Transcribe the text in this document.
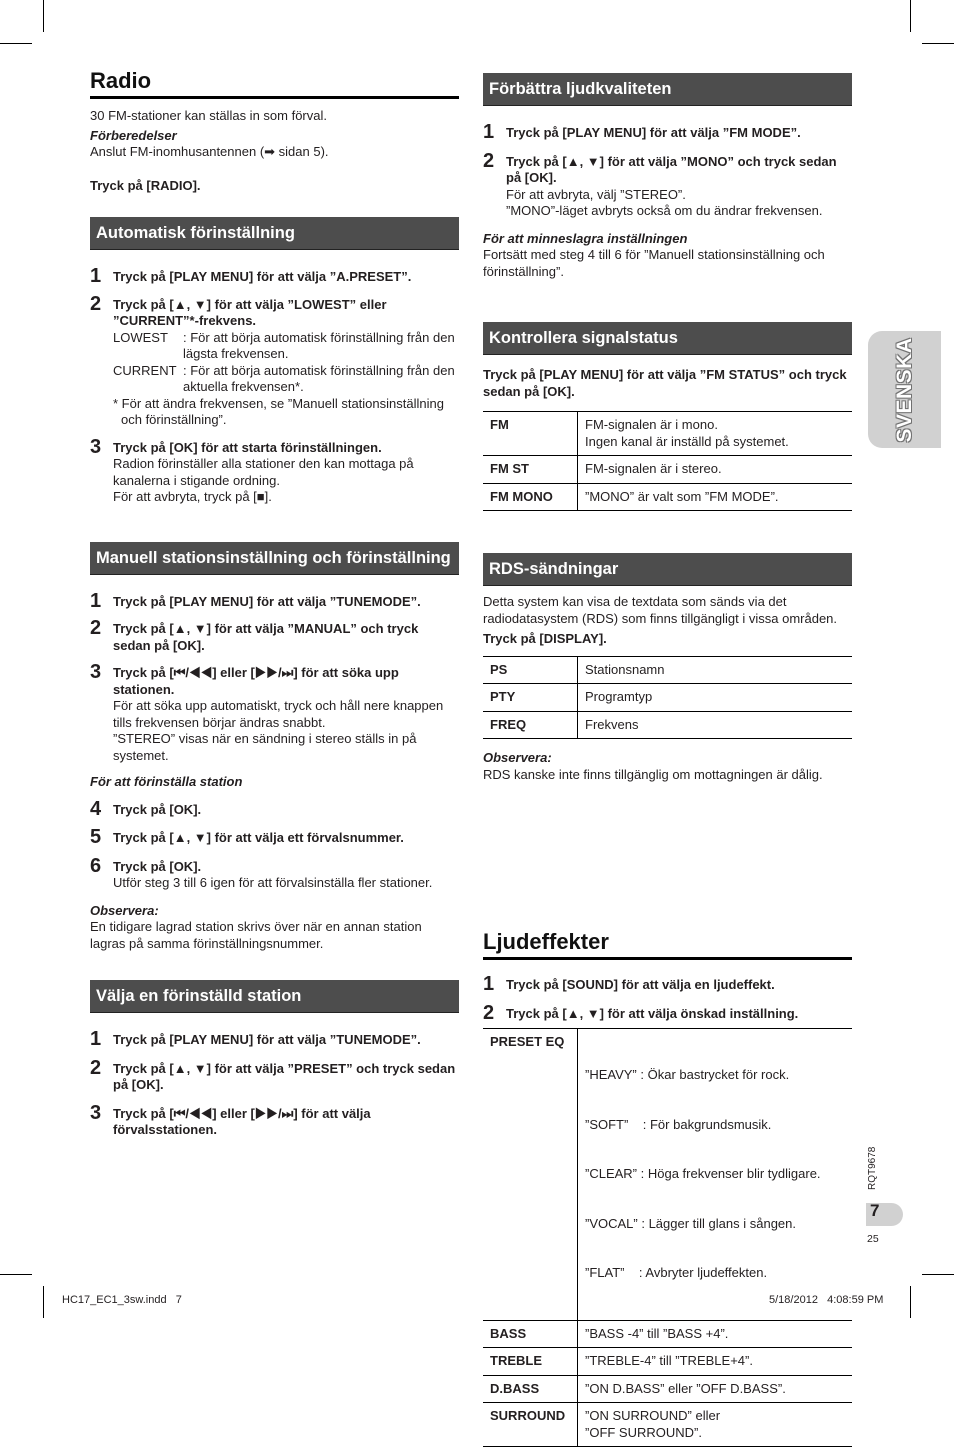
Radio

30 FM-stationer kan ställas in som förval.

Förberedelser

Anslut FM-inomhusantennen (➡ sidan 5).

Tryck på [RADIO].

Automatisk förinställning
1 Tryck på [PLAY MENU] för att välja ”A.PRESET”.
2 Tryck på [▲, ▼] för att välja ”LOWEST” eller ”CURRENT”*-frekvens.
LOWEST	: För att börja automatisk förinställning från den lägsta frekvensen.
CURRENT : För att börja automatisk förinställning från den aktuella frekvensen*.
* För att ändra frekvensen, se ”Manuell stationsinställning och förinställning”.
3 Tryck på [OK] för att starta förinställningen.
Radion förinställer alla stationer den kan mottaga på kanalerna i stigande ordning.
För att avbryta, tryck på [■].
Manuell stationsinställning och förinställning
1 Tryck på [PLAY MENU] för att välja ”TUNEMODE”.
2 Tryck på [▲, ▼] för att välja ”MANUAL” och tryck sedan på [OK].
3 Tryck på [⏮/◀◀] eller [▶▶/⏭] för att söka upp stationen.
För att söka upp automatiskt, tryck och håll nere knappen tills frekvensen börjar ändras snabbt.
”STEREO” visas när en sändning i stereo ställs in på systemet.

För att förinställa station

4 Tryck på [OK].
5 Tryck på [▲, ▼] för att välja ett förvalsnummer.
6 Tryck på [OK].
Utför steg 3 till 6 igen för att förvalsinställa fler stationer.

Observera:

En tidigare lagrad station skrivs över när en annan station lagras på samma förinställningsnummer.

Välja en förinställd station
1 Tryck på [PLAY MENU] för att välja ”TUNEMODE”.
2 Tryck på [▲, ▼] för att välja ”PRESET” och tryck sedan på [OK].
3 Tryck på [⏮/◀◀] eller [▶▶/⏭] för att välja förvalsstationen.
Förbättra ljudkvaliteten
1 Tryck på [PLAY MENU] för att välja ”FM MODE”.
2 Tryck på [▲, ▼] för att välja ”MONO” och tryck sedan på [OK].
För att avbryta, välj ”STEREO”.
”MONO”-läget avbryts också om du ändrar frekvensen.

För att minneslagra inställningen

Fortsätt med steg 4 till 6 för ”Manuell stationsinställning och förinställning”.

Kontrollera signalstatus

Tryck på [PLAY MENU] för att välja ”FM STATUS” och tryck sedan på [OK].

FM	FM-signalen är i mono.
Ingen kanal är inställd på systemet.

FM ST	FM-signalen är i stereo.
FM MONO	”MONO” är valt som ”FM MODE”.
RDS-sändningar

Detta system kan visa de textdata som sänds via det radiodatasystem (RDS) som finns tillgängligt i vissa områden.

Tryck på [DISPLAY].

PS	Stationsnamn
PTY	Programtyp
FREQ	Frekvens

Observera:

RDS kanske inte finns tillgänglig om mottagningen är dålig.

Ljudeffekter
1 Tryck på [SOUND] för att välja en ljudeffekt.
2 Tryck på [▲, ▼] för att välja önskad inställning.
PRESET EQ	”HEAVY” : Ökar bastrycket för rock.

”SOFT”    : För bakgrundsmusik.

”CLEAR” : Höga frekvenser blir tydligare.

”VOCAL” : Lägger till glans i sången.

”FLAT”    : Avbryter ljudeffekten.

BASS	”BASS -4” till ”BASS +4”.
TREBLE	”TREBLE-4” till ”TREBLE+4”.
D.BASS	”ON D.BASS” eller ”OFF D.BASS”.
SURROUND	”ON SURROUND” eller
”OFF SURROUND”.
SVENSKA
RQT9678
7
25
HC17_EC1_3sw.indd   7	5/18/2012   4:08:59 PM
